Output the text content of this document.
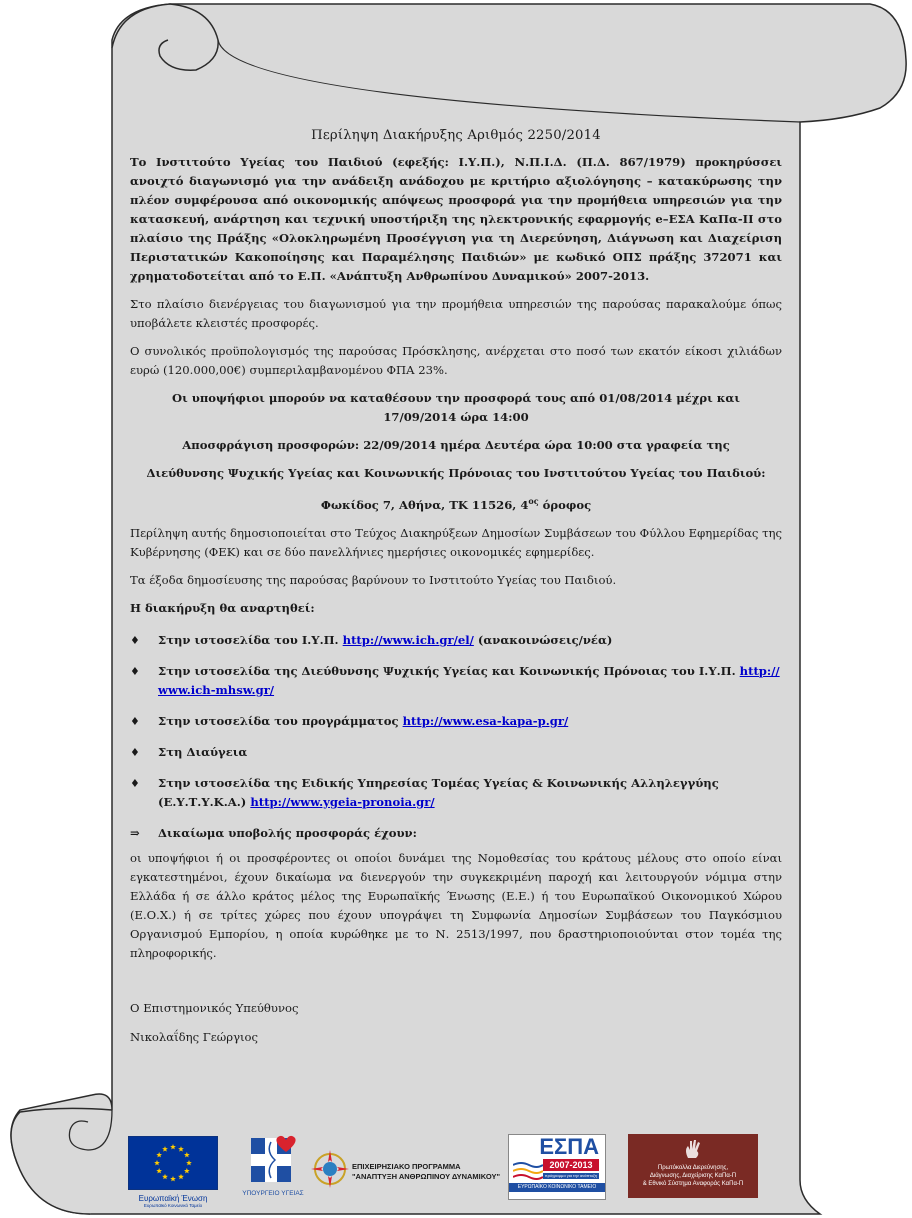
Περίληψη Διακήρυξης Αριθμός 2250/2014
Το Ινστιτούτο Υγείας του Παιδιού (εφεξής: Ι.Υ.Π.), Ν.Π.Ι.Δ. (Π.Δ. 867/1979) προκηρύσσει ανοιχτό διαγωνισμό για την ανάδειξη ανάδοχου με κριτήριο αξιολόγησης – κατακύρωσης την πλέον συμφέρουσα από οικονομικής απόψεως προσφορά για την προμήθεια υπηρεσιών για την κατασκευή, ανάρτηση και τεχνική υποστήριξη της ηλεκτρονικής εφαρμογής e–ΕΣΑ ΚαΠα-ΙΙ στο πλαίσιο της Πράξης «Ολοκληρωμένη Προσέγγιση για τη Διερεύνηση, Διάγνωση και Διαχείριση Περιστατικών Κακοποίησης και Παραμέλησης Παιδιών» με κωδικό ΟΠΣ πράξης 372071 και χρηματοδοτείται από το Ε.Π. «Ανάπτυξη Ανθρωπίνου Δυναμικού» 2007-2013.
Στο πλαίσιο διενέργειας του διαγωνισμού για την προμήθεια υπηρεσιών της παρούσας παρακαλούμε όπως υποβάλετε κλειστές προσφορές.
Ο συνολικός προϋπολογισμός της παρούσας Πρόσκλησης, ανέρχεται στο ποσό των εκατόν είκοσι χιλιάδων ευρώ (120.000,00€) συμπεριλαμβανομένου ΦΠΑ 23%.
Οι υποψήφιοι μπορούν να καταθέσουν την προσφορά τους από 01/08/2014 μέχρι και
17/09/2014 ώρα 14:00
Αποσφράγιση προσφορών: 22/09/2014 ημέρα Δευτέρα ώρα 10:00 στα γραφεία της
Διεύθυνσης Ψυχικής Υγείας και Κοινωνικής Πρόνοιας του Ινστιτούτου Υγείας του Παιδιού:
Φωκίδος 7, Αθήνα, ΤΚ 11526, $4^{o\varsigma}$ όροφος
Περίληψη αυτής δημοσιοποιείται στο Τεύχος Διακηρύξεων Δημοσίων Συμβάσεων του Φύλλου Εφημερίδας της Κυβέρνησης (ΦΕΚ) και σε δύο πανελλήνιες ημερήσιες οικονομικές εφημερίδες.
Τα έξοδα δημοσίευσης της παρούσας βαρύνουν το Ινστιτούτο Υγείας του Παιδιού.
Η διακήρυξη θα αναρτηθεί:
♦	Στην ιστοσελίδα του Ι.Υ.Π. http://www.ich.gr/el/ (ανακοινώσεις/νέα)
♦	Στην ιστοσελίδα της Διεύθυνσης Ψυχικής Υγείας και Κοινωνικής Πρόνοιας του Ι.Υ.Π. http:// www.ich-mhsw.gr/
♦	Στην ιστοσελίδα του προγράμματος http://www.esa-kapa-p.gr/
♦	Στη Διαύγεια
♦	Στην ιστοσελίδα της Ειδικής Υπηρεσίας Τομέας Υγείας & Κοινωνικής Αλληλεγγύης (Ε.Υ.Τ.Υ.Κ.Α.) http://www.ygeia-pronoia.gr/
⇒	Δικαίωμα υποβολής προσφοράς έχουν:
οι υποψήφιοι ή οι προσφέροντες οι οποίοι δυνάμει της Νομοθεσίας του κράτους μέλους στο οποίο είναι εγκατεστημένοι, έχουν δικαίωμα να διενεργούν την συγκεκριμένη παροχή και λειτουργούν νόμιμα στην Ελλάδα ή σε άλλο κράτος μέλος της Ευρωπαϊκής Ένωσης (Ε.Ε.) ή του Ευρωπαϊκού Οικονομικού Χώρου (Ε.Ο.Χ.) ή σε τρίτες χώρες που έχουν υπογράψει τη Συμφωνία Δημοσίων Συμβάσεων του Παγκόσμιου Οργανισμού Εμπορίου, η οποία κυρώθηκε με το Ν. 2513/1997, που δραστηριοποιούνται στον τομέα της πληροφορικής.
Ο Επιστημονικός Υπεύθυνος
Νικολαΐδης Γεώργιος
Ευρωπαϊκή Ένωση
Ευρωπαϊκό Κοινωνικό Ταμείο
ΥΠΟΥΡΓΕΙΟ ΥΓΕΙΑΣ
ΕΠΙΧΕΙΡΗΣΙΑΚΟ ΠΡΟΓΡΑΜΜΑ
"ΑΝΑΠΤΥΞΗ ΑΝΘΡΩΠΙΝΟΥ ΔΥΝΑΜΙΚΟΥ"
ΕΣΠΑ
2007-2013
πρόγραμμα για την ανάπτυξη
ΕΥΡΩΠΑΪΚΟ ΚΟΙΝΩΝΙΚΟ ΤΑΜΕΙΟ
Πρωτόκολλα Διερεύνησης,
Διάγνωσης, Διαχείρισης ΚαΠα-Π
& Εθνικό Σύστημα Αναφοράς ΚαΠα-Π
